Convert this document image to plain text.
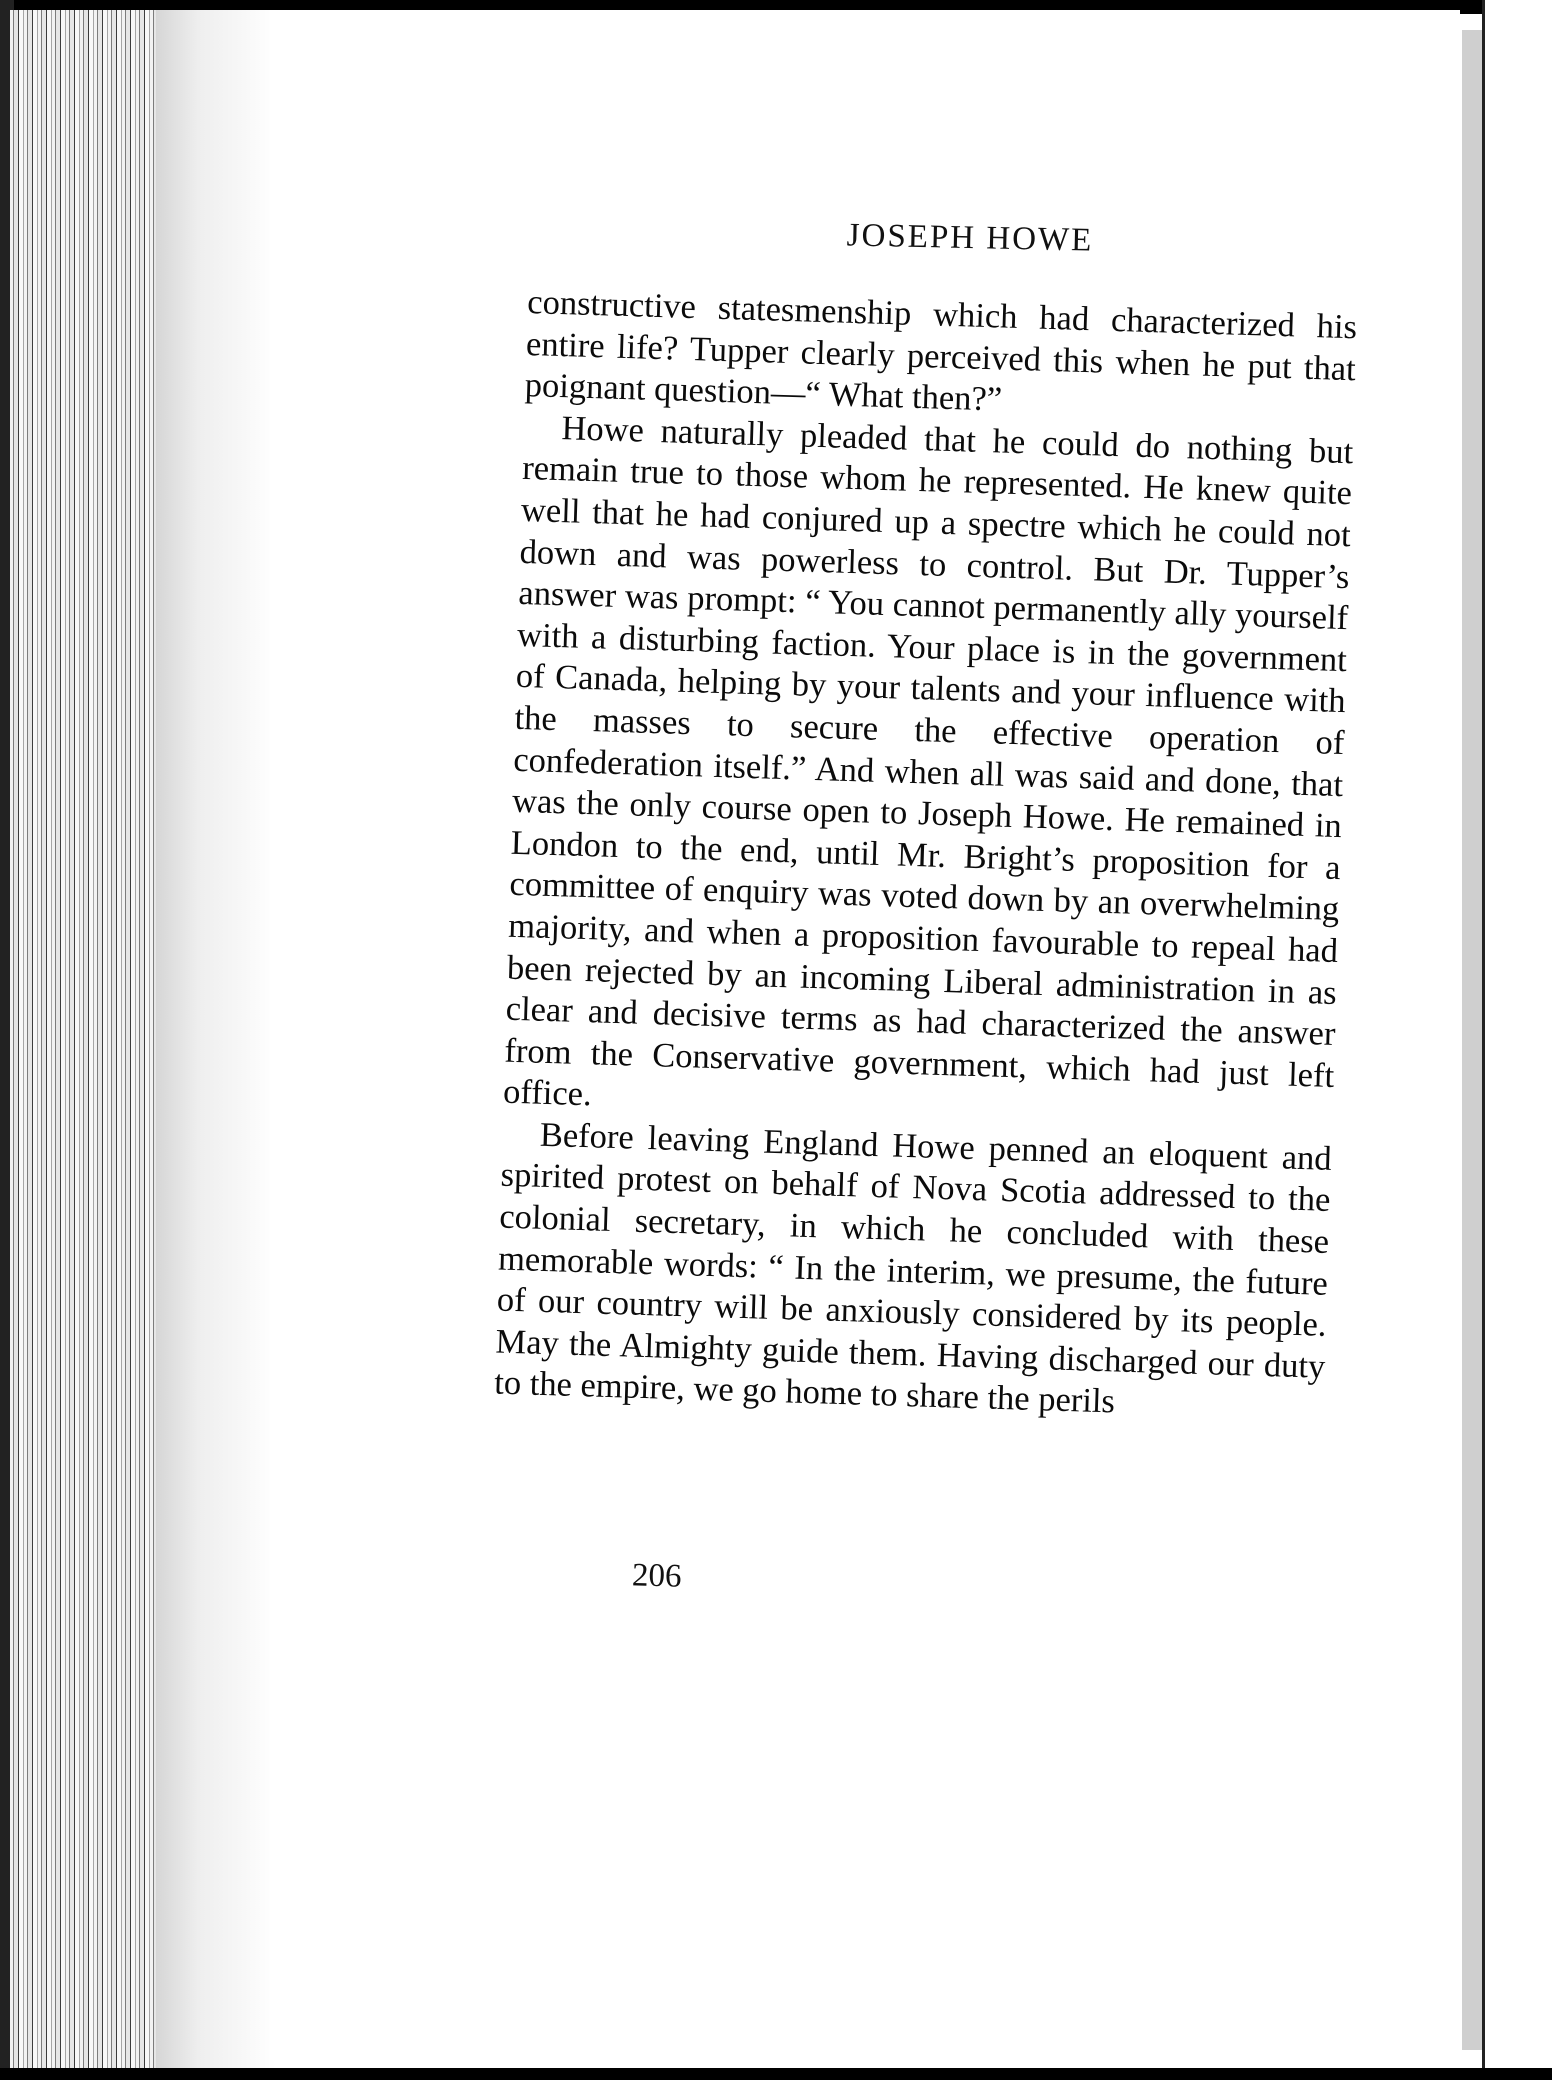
JOSEPH HOWE

constructive statesmenship which had characterized his entire life? Tupper clearly perceived this when he put that poignant question—“ What then?”

Howe naturally pleaded that he could do nothing but remain true to those whom he represented. He knew quite well that he had conjured up a spectre which he could not down and was powerless to control. But Dr. Tupper’s answer was prompt: “ You cannot permanently ally yourself with a disturbing faction. Your place is in the government of Canada, helping by your talents and your influence with the masses to secure the effective operation of confederation itself.” And when all was said and done, that was the only course open to Joseph Howe. He remained in London to the end, until Mr. Bright’s proposition for a committee of enquiry was voted down by an overwhelming majority, and when a proposition favourable to repeal had been rejected by an incoming Liberal administration in as clear and decisive terms as had characterized the answer from the Conservative government, which had just left office.

Before leaving England Howe penned an eloquent and spirited protest on behalf of Nova Scotia addressed to the colonial secretary, in which he concluded with these memorable words: “ In the interim, we presume, the future of our country will be anxiously considered by its people. May the Almighty guide them. Having discharged our duty to the empire, we go home to share the perils

206
